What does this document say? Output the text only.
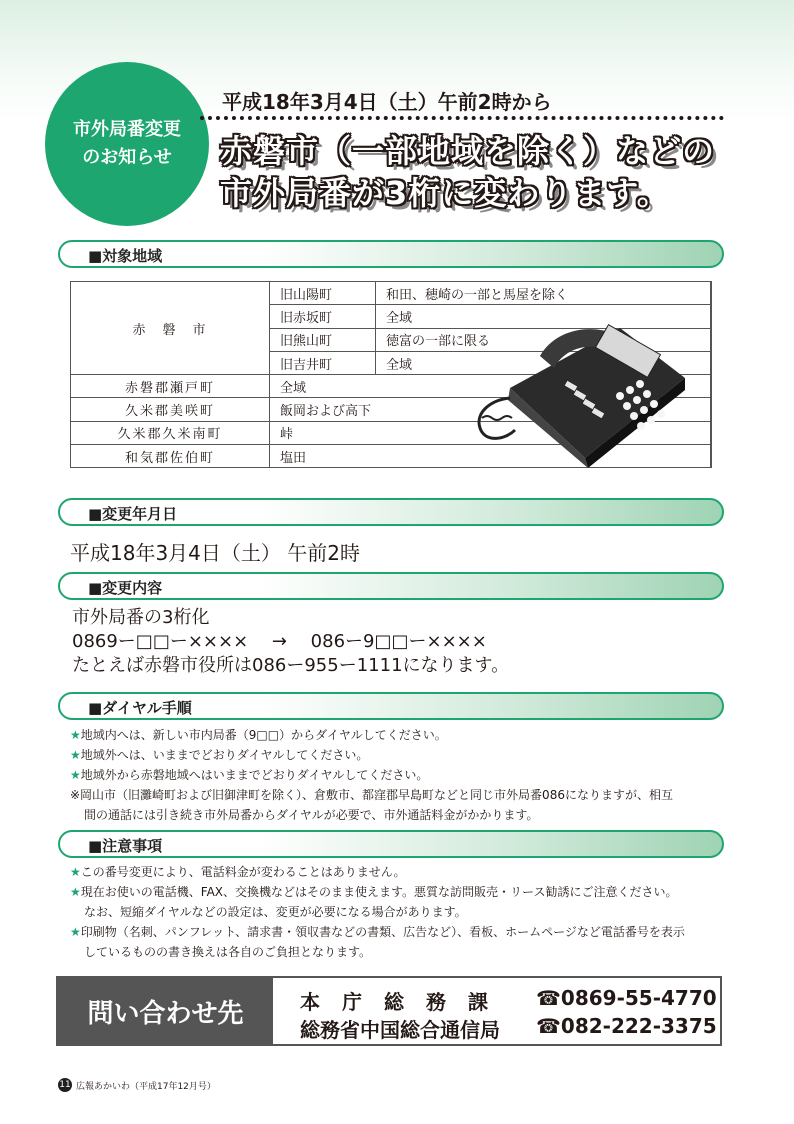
市外局番変更
のお知らせ
平成18年3月4日（土）午前2時から
赤磐市（一部地域を除く）などの
市外局番が3桁に変わります。
■対象地域
赤　磐　市	旧山陽町	和田、穂崎の一部と馬屋を除く	
	旧赤坂町	全域	
	旧熊山町	徳富の一部に限る	
	旧吉井町	全域	
赤磐郡瀬戸町	全域		
久米郡美咲町	飯岡および高下		
久米郡久米南町	峠		
和気郡佐伯町	塩田		
■変更年月日
平成18年3月4日（土） 午前2時
■変更内容
市外局番の3桁化
0869ー□□ー××××　 →　 086ー9□□ー××××
たとえば赤磐市役所は086ー955ー1111になります。
■ダイヤル手順
★地域内へは、新しい市内局番（9□□）からダイヤルしてください。
★地域外へは、いままでどおりダイヤルしてください。
★地域外から赤磐地域へはいままでどおりダイヤルしてください。
※岡山市（旧灘崎町および旧御津町を除く）、倉敷市、都窪郡早島町などと同じ市外局番086になりますが、相互
間の通話には引き続き市外局番からダイヤルが必要で、市外通話料金がかかります。
■注意事項
★この番号変更により、電話料金が変わることはありません。
★現在お使いの電話機、FAX、交換機などはそのまま使えます。悪質な訪問販売・リース勧誘にご注意ください。
なお、短縮ダイヤルなどの設定は、変更が必要になる場合があります。
★印刷物（名刺、パンフレット、請求書・領収書などの書類、広告など）、看板、ホームページなど電話番号を表示
しているものの書き換えは各自のご負担となります。
問い合わせ先	本　庁　総　務　課 ☎0869-55-4770
総務省中国総合通信局 ☎082-222-3375
11 広報あかいわ（平成17年12月号）
